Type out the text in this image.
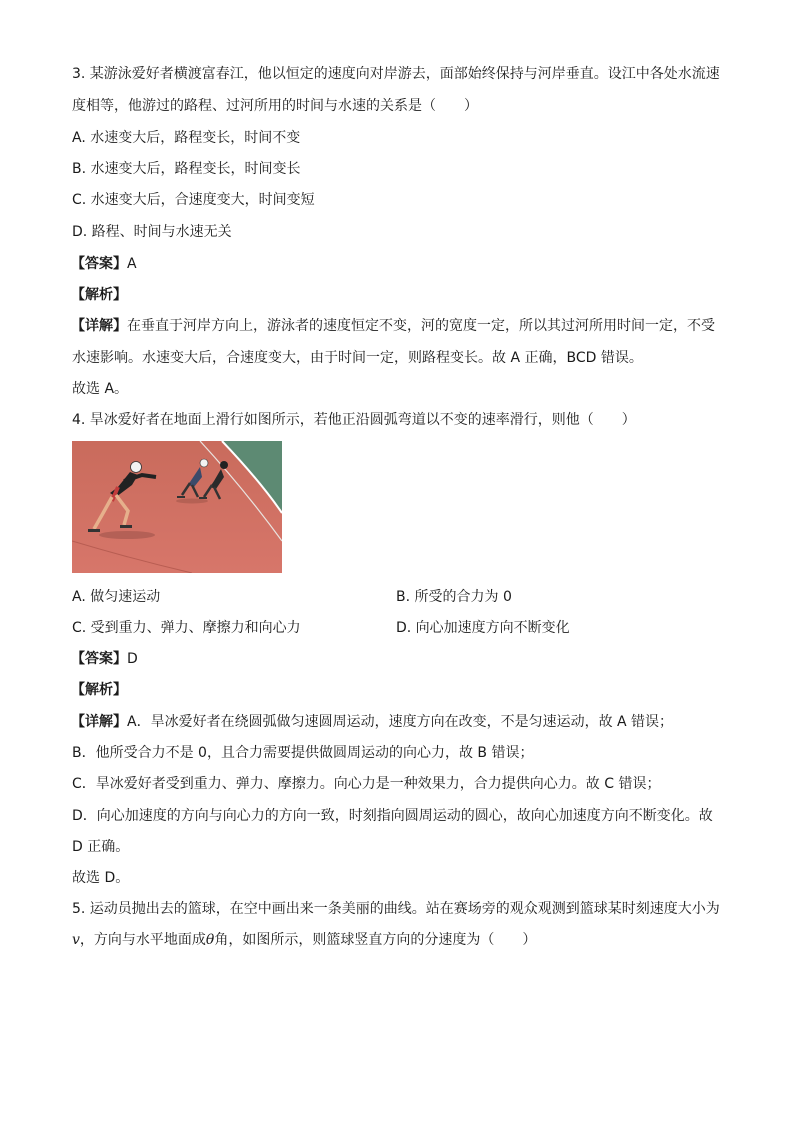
3. 某游泳爱好者横渡富春江，他以恒定的速度向对岸游去，面部始终保持与河岸垂直。设江中各处水流速
度相等，他游过的路程、过河所用的时间与水速的关系是（　　）
A. 水速变大后，路程变长，时间不变
B. 水速变大后，路程变长，时间变长
C. 水速变大后，合速度变大，时间变短
D. 路程、时间与水速无关
【答案】A
【解析】
【详解】在垂直于河岸方向上，游泳者的速度恒定不变，河的宽度一定，所以其过河所用时间一定，不受
水速影响。水速变大后，合速度变大，由于时间一定，则路程变长。故 A 正确，BCD 错误。
故选 A。
4. 旱冰爱好者在地面上滑行如图所示，若他正沿圆弧弯道以不变的速率滑行，则他（　　）
A. 做匀速运动	B. 所受的合力为 0
C. 受到重力、弹力、摩擦力和向心力	D. 向心加速度方向不断变化
【答案】D
【解析】
【详解】A．旱冰爱好者在绕圆弧做匀速圆周运动，速度方向在改变，不是匀速运动，故 A 错误；
B．他所受合力不是 0，且合力需要提供做圆周运动的向心力，故 B 错误；
C．旱冰爱好者受到重力、弹力、摩擦力。向心力是一种效果力，合力提供向心力。故 C 错误；
D．向心加速度的方向与向心力的方向一致，时刻指向圆周运动的圆心，故向心加速度方向不断变化。故
D 正确。
故选 D。
5. 运动员抛出去的篮球，在空中画出来一条美丽的曲线。站在赛场旁的观众观测到篮球某时刻速度大小为
v，方向与水平地面成θ角，如图所示，则篮球竖直方向的分速度为（　　）
